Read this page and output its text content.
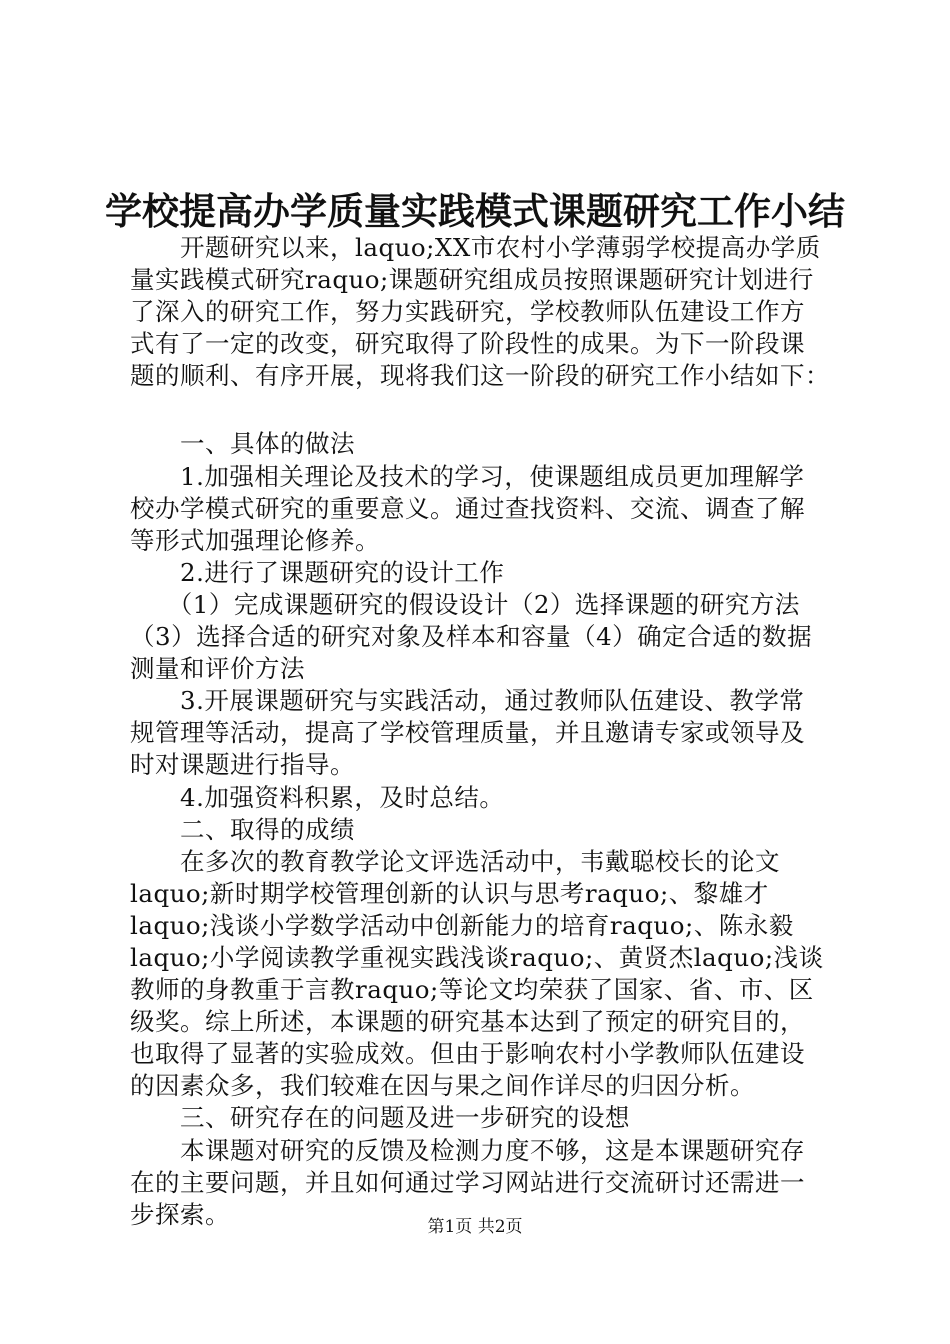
学校提高办学质量实践模式课题研究工作小结
　　开题研究以来，laquo;XX市农村小学薄弱学校提高办学质
量实践模式研究raquo;课题研究组成员按照课题研究计划进行
了深入的研究工作，努力实践研究，学校教师队伍建设工作方
式有了一定的改变，研究取得了阶段性的成果。为下一阶段课
题的顺利、有序开展，现将我们这一阶段的研究工作小结如下：
　　一、具体的做法
　　1.加强相关理论及技术的学习，使课题组成员更加理解学
校办学模式研究的重要意义。通过查找资料、交流、调查了解
等形式加强理论修养。
　　2.进行了课题研究的设计工作
　　（1）完成课题研究的假设设计（2）选择课题的研究方法
（3）选择合适的研究对象及样本和容量（4）确定合适的数据
测量和评价方法
　　3.开展课题研究与实践活动，通过教师队伍建设、教学常
规管理等活动，提高了学校管理质量，并且邀请专家或领导及
时对课题进行指导。
　　4.加强资料积累，及时总结。
　　二、取得的成绩
　　在多次的教育教学论文评选活动中，韦戴聪校长的论文
laquo;新时期学校管理创新的认识与思考raquo;、黎雄才
laquo;浅谈小学数学活动中创新能力的培育raquo;、陈永毅
laquo;小学阅读教学重视实践浅谈raquo;、黄贤杰laquo;浅谈
教师的身教重于言教raquo;等论文均荣获了国家、省、市、区
级奖。综上所述，本课题的研究基本达到了预定的研究目的，
也取得了显著的实验成效。但由于影响农村小学教师队伍建设
的因素众多，我们较难在因与果之间作详尽的归因分析。
　　三、研究存在的问题及进一步研究的设想
　　本课题对研究的反馈及检测力度不够，这是本课题研究存
在的主要问题，并且如何通过学习网站进行交流研讨还需进一
步探索。	第1页 共2页
